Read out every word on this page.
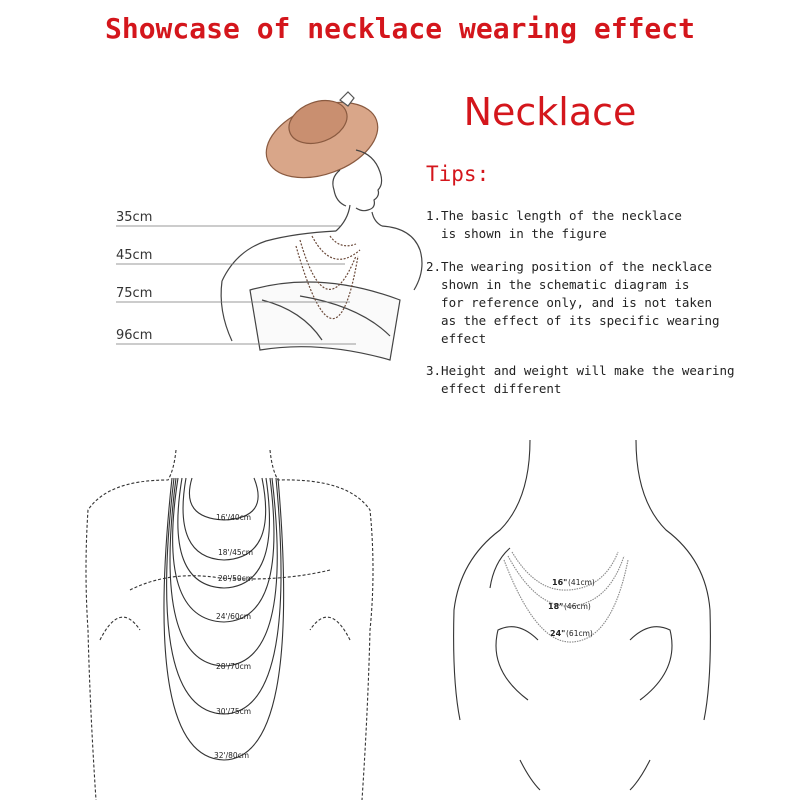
Showcase of necklace wearing effect
Necklace
Tips:
1.The basic length of the necklace
is shown in the figure
2.The wearing position of the necklace
shown in the schematic diagram is
for reference only, and is not taken
as the effect of its specific wearing
effect
3.Height and weight will make the wearing
effect different
35cm
45cm
75cm
96cm
16'/40cm
18'/45cm
20'/50cm
24'/60cm
28'/70cm
30'/75cm
32'/80cm
16" (41cm)
18" (46cm)
24" (61cm)
